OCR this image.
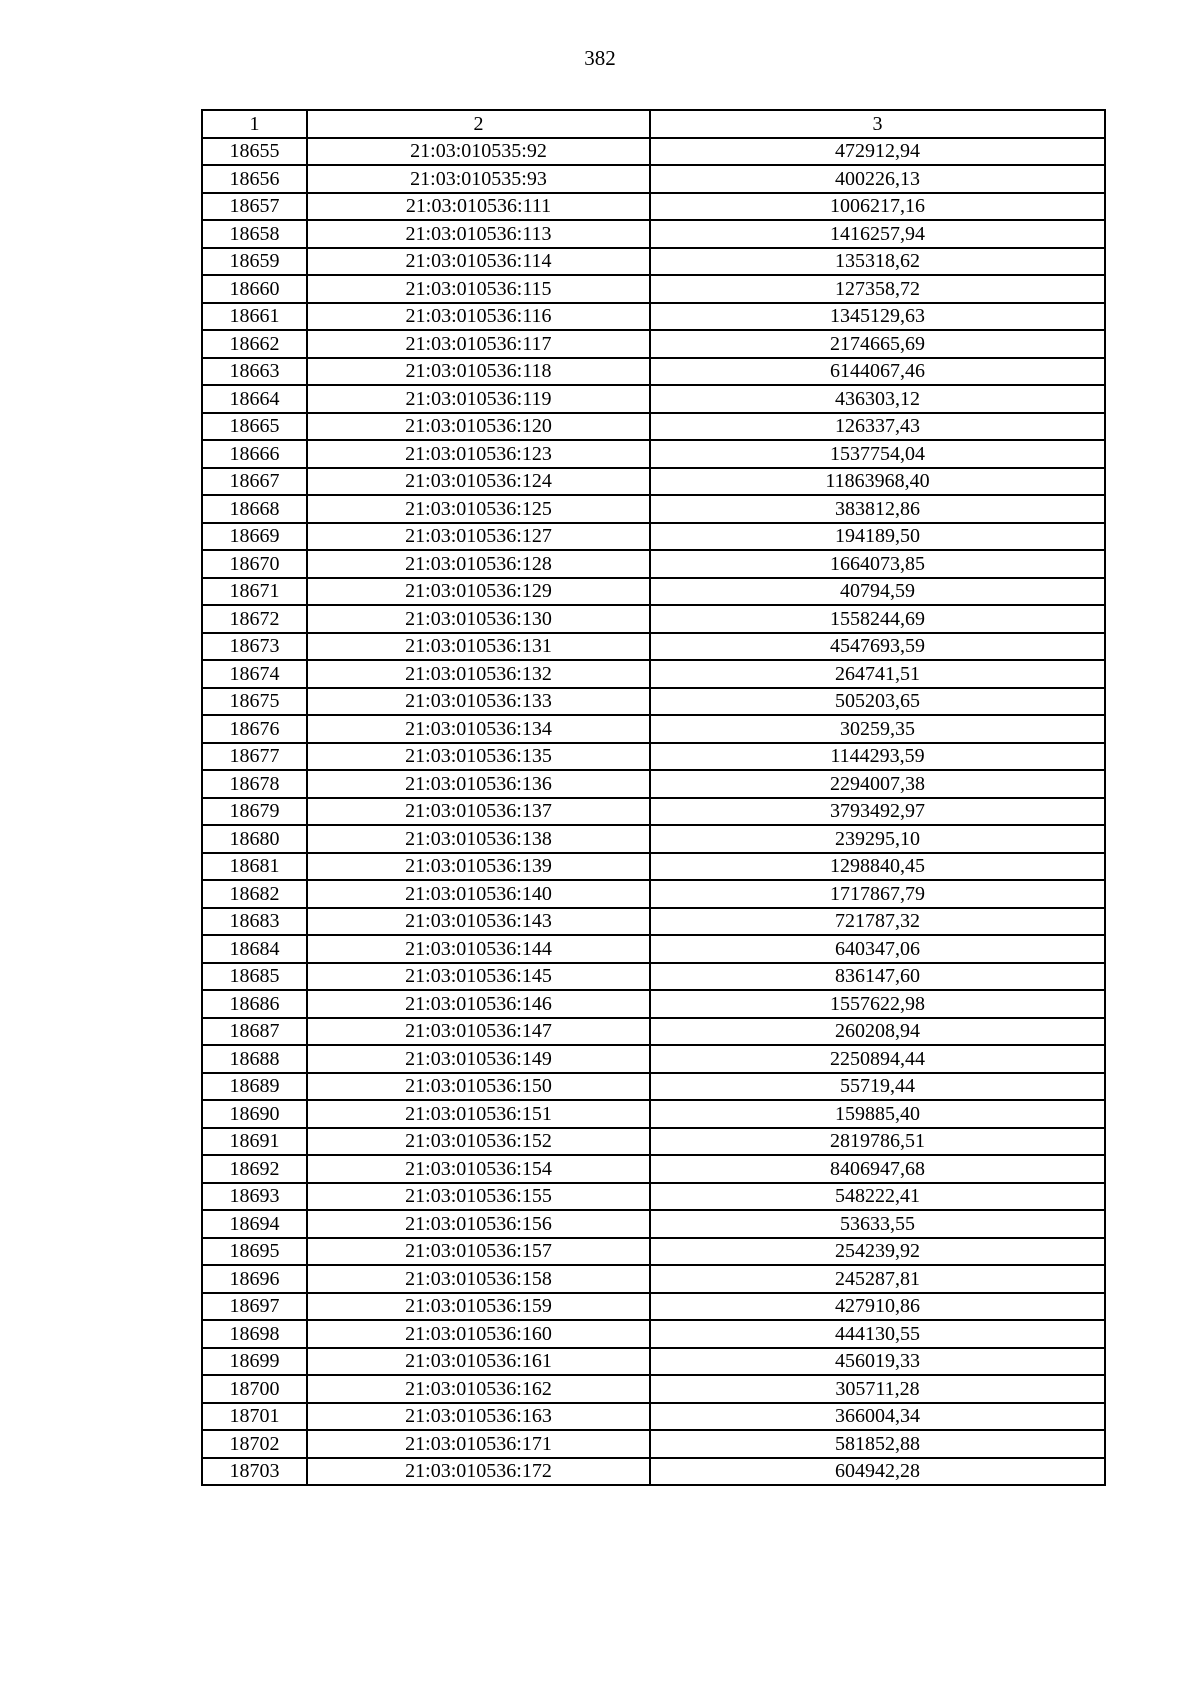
382
1	2	3
18655	21:03:010535:92	472912,94
18656	21:03:010535:93	400226,13
18657	21:03:010536:111	1006217,16
18658	21:03:010536:113	1416257,94
18659	21:03:010536:114	135318,62
18660	21:03:010536:115	127358,72
18661	21:03:010536:116	1345129,63
18662	21:03:010536:117	2174665,69
18663	21:03:010536:118	6144067,46
18664	21:03:010536:119	436303,12
18665	21:03:010536:120	126337,43
18666	21:03:010536:123	1537754,04
18667	21:03:010536:124	11863968,40
18668	21:03:010536:125	383812,86
18669	21:03:010536:127	194189,50
18670	21:03:010536:128	1664073,85
18671	21:03:010536:129	40794,59
18672	21:03:010536:130	1558244,69
18673	21:03:010536:131	4547693,59
18674	21:03:010536:132	264741,51
18675	21:03:010536:133	505203,65
18676	21:03:010536:134	30259,35
18677	21:03:010536:135	1144293,59
18678	21:03:010536:136	2294007,38
18679	21:03:010536:137	3793492,97
18680	21:03:010536:138	239295,10
18681	21:03:010536:139	1298840,45
18682	21:03:010536:140	1717867,79
18683	21:03:010536:143	721787,32
18684	21:03:010536:144	640347,06
18685	21:03:010536:145	836147,60
18686	21:03:010536:146	1557622,98
18687	21:03:010536:147	260208,94
18688	21:03:010536:149	2250894,44
18689	21:03:010536:150	55719,44
18690	21:03:010536:151	159885,40
18691	21:03:010536:152	2819786,51
18692	21:03:010536:154	8406947,68
18693	21:03:010536:155	548222,41
18694	21:03:010536:156	53633,55
18695	21:03:010536:157	254239,92
18696	21:03:010536:158	245287,81
18697	21:03:010536:159	427910,86
18698	21:03:010536:160	444130,55
18699	21:03:010536:161	456019,33
18700	21:03:010536:162	305711,28
18701	21:03:010536:163	366004,34
18702	21:03:010536:171	581852,88
18703	21:03:010536:172	604942,28
